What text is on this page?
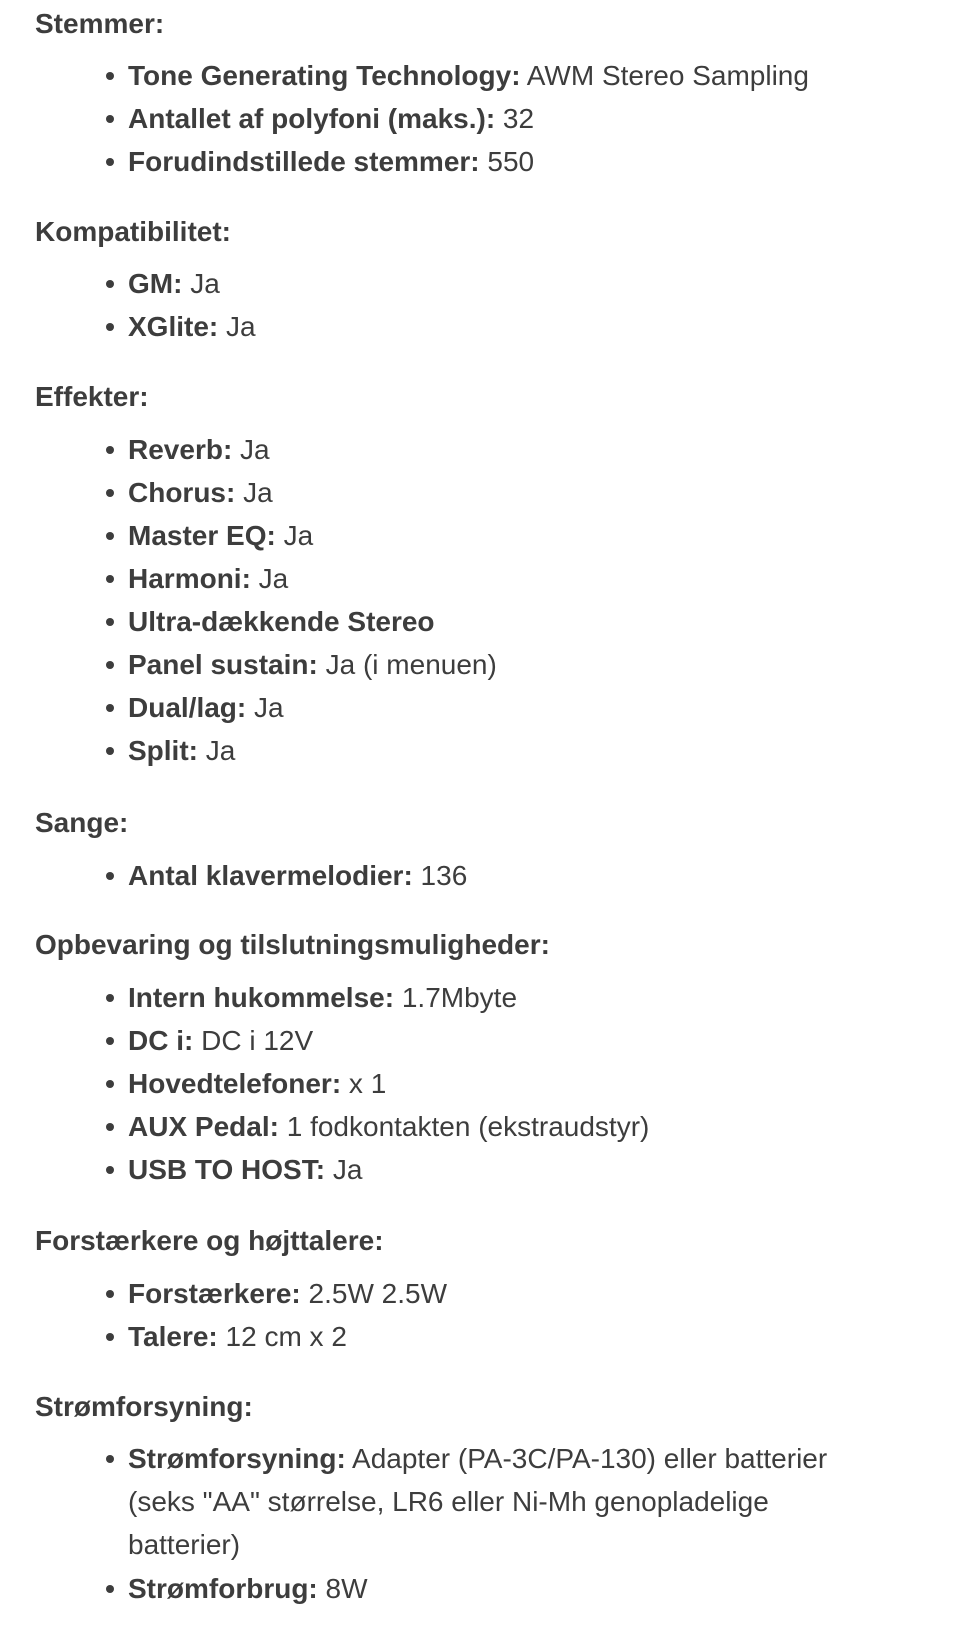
Stemmer:
Tone Generating Technology: AWM Stereo Sampling
Antallet af polyfoni (maks.): 32
Forudindstillede stemmer: 550
Kompatibilitet:
GM: Ja
XGlite: Ja
Effekter:
Reverb: Ja
Chorus: Ja
Master EQ: Ja
Harmoni: Ja
Ultra-dækkende Stereo
Panel sustain: Ja (i menuen)
Dual/lag: Ja
Split: Ja
Sange:
Antal klavermelodier: 136
Opbevaring og tilslutningsmuligheder:
Intern hukommelse: 1.7Mbyte
DC i: DC i 12V
Hovedtelefoner: x 1
AUX Pedal: 1 fodkontakten (ekstraudstyr)
USB TO HOST: Ja
Forstærkere og højttalere:
Forstærkere: 2.5W 2.5W
Talere: 12 cm x 2
Strømforsyning:
Strømforsyning: Adapter (PA-3C/PA-130) eller batterier (seks "AA" størrelse, LR6 eller Ni-Mh genopladelige batterier)
Strømforbrug: 8W
